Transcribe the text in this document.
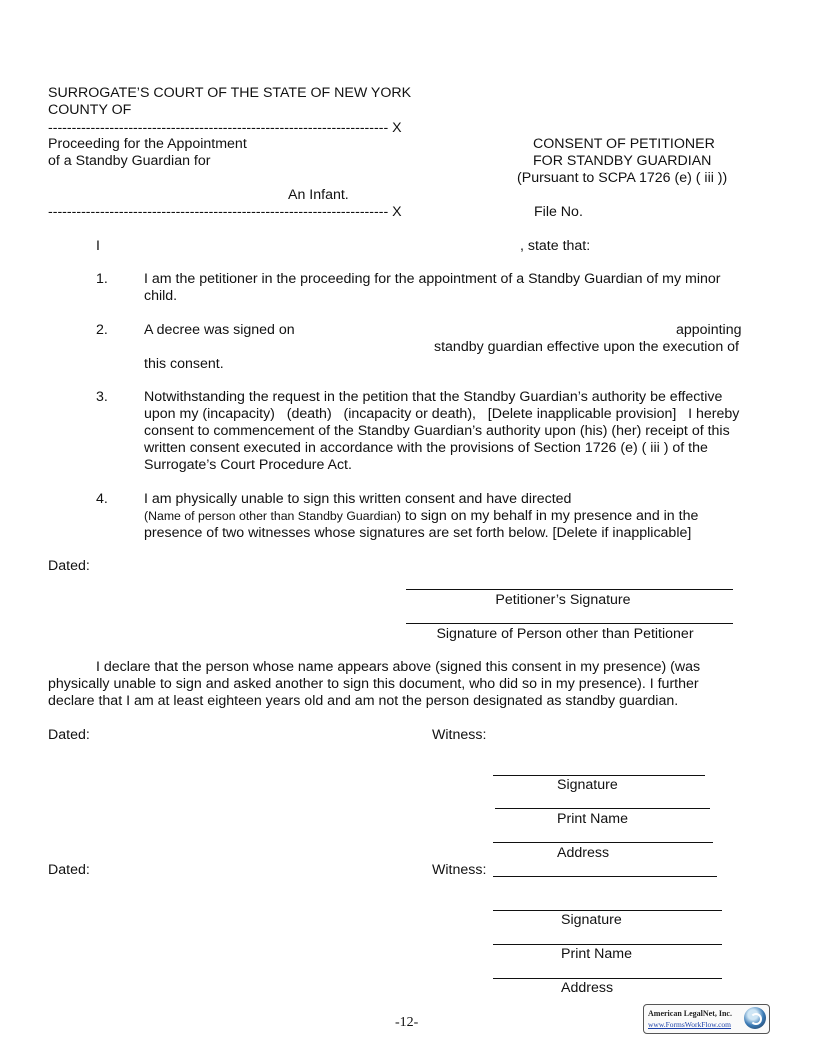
SURROGATE’S COURT OF THE STATE OF NEW YORK
COUNTY OF
------------------------------------------------------------------------ X
Proceeding for the Appointment
of a Standby Guardian for
An Infant.
------------------------------------------------------------------------ X
CONSENT OF PETITIONER
FOR STANDBY GUARDIAN
(Pursuant to SCPA 1726 (e) ( iii ))
File No.
I	, state that:
1.	I am the petitioner in the proceeding for the appointment of a Standby Guardian of my minor child.
2.	A decree was signed on	appointing
standby guardian effective upon the execution of
this consent.
3.	Notwithstanding the request in the petition that the Standby Guardian’s authority be effective upon my (incapacity)   (death)   (incapacity or death),   [Delete inapplicable provision]   I hereby consent to commencement of the Standby Guardian’s authority upon (his) (her) receipt of this written consent executed in accordance with the provisions of Section 1726 (e) ( iii ) of the Surrogate’s Court Procedure Act.
4.	I am physically unable to sign this written consent and have directed
(Name of person other than Standby Guardian) to sign on my behalf in my presence and in the
presence of two witnesses whose signatures are set forth below. [Delete if inapplicable]
Dated:
Petitioner’s Signature
Signature of Person other than Petitioner
I declare that the person whose name appears above (signed this consent in my presence) (was physically unable to sign and asked another to sign this document, who did so in my presence). I further declare that I am at least eighteen years old and am not the person designated as standby guardian.
Dated:	Witness:
Signature
Print Name
Address
Dated:	Witness:
Signature
Print Name
Address
-12-
American LegalNet, Inc.
www.FormsWorkFlow.com
